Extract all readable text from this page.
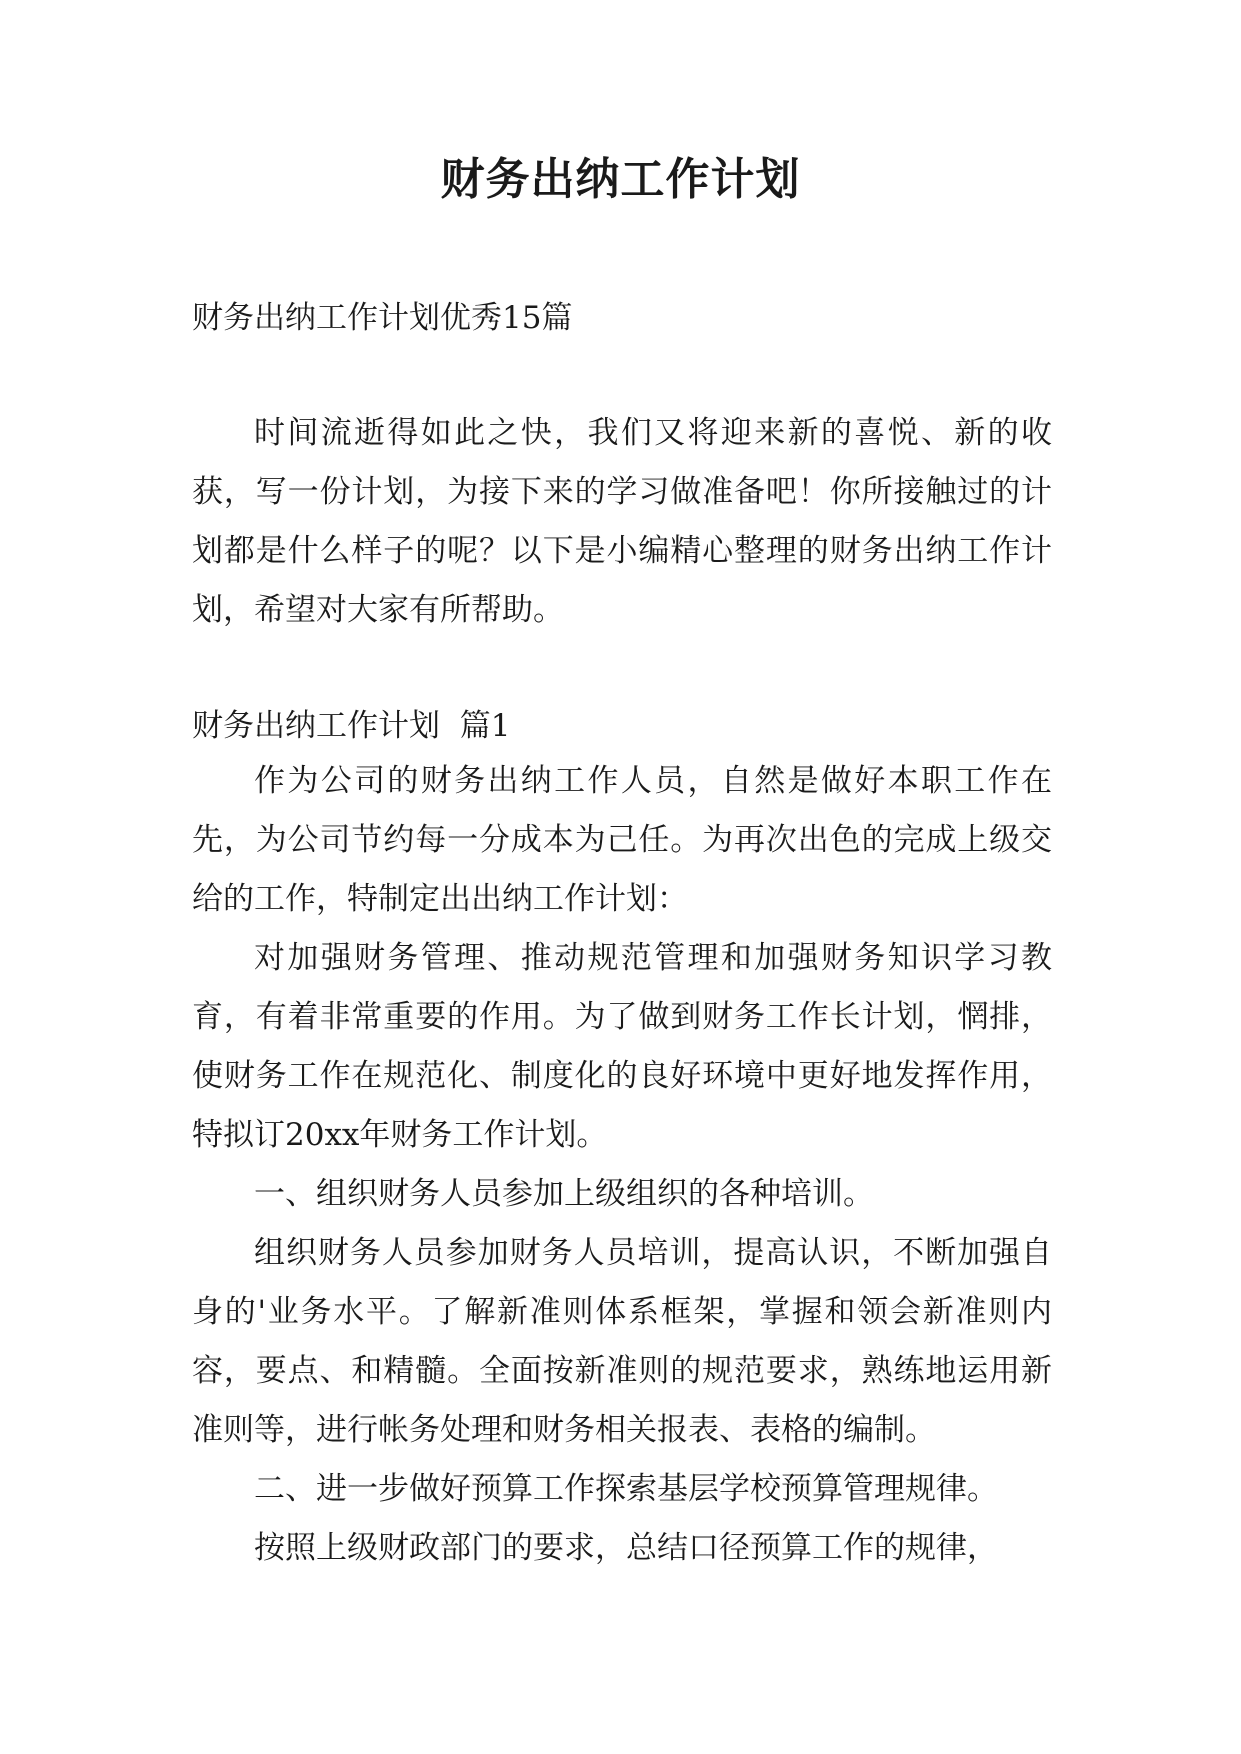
财务出纳工作计划
财务出纳工作计划优秀15篇

时间流逝得如此之快，我们又将迎来新的喜悦、新的收获，写一份计划，为接下来的学习做准备吧！你所接触过的计划都是什么样子的呢？以下是小编精心整理的财务出纳工作计划，希望对大家有所帮助。

财务出纳工作计划  篇1

作为公司的财务出纳工作人员，自然是做好本职工作在先，为公司节约每一分成本为己任。为再次出色的完成上级交给的工作，特制定出出纳工作计划：

对加强财务管理、推动规范管理和加强财务知识学习教育，有着非常重要的作用。为了做到财务工作长计划，惘排，使财务工作在规范化、制度化的良好环境中更好地发挥作用，特拟订20xx年财务工作计划。

一、组织财务人员参加上级组织的各种培训。

组织财务人员参加财务人员培训，提高认识，不断加强自身的'业务水平。了解新准则体系框架，掌握和领会新准则内容，要点、和精髓。全面按新准则的规范要求，熟练地运用新准则等，进行帐务处理和财务相关报表、表格的编制。

二、进一步做好预算工作探索基层学校预算管理规律。

按照上级财政部门的要求，总结口径预算工作的规律，
